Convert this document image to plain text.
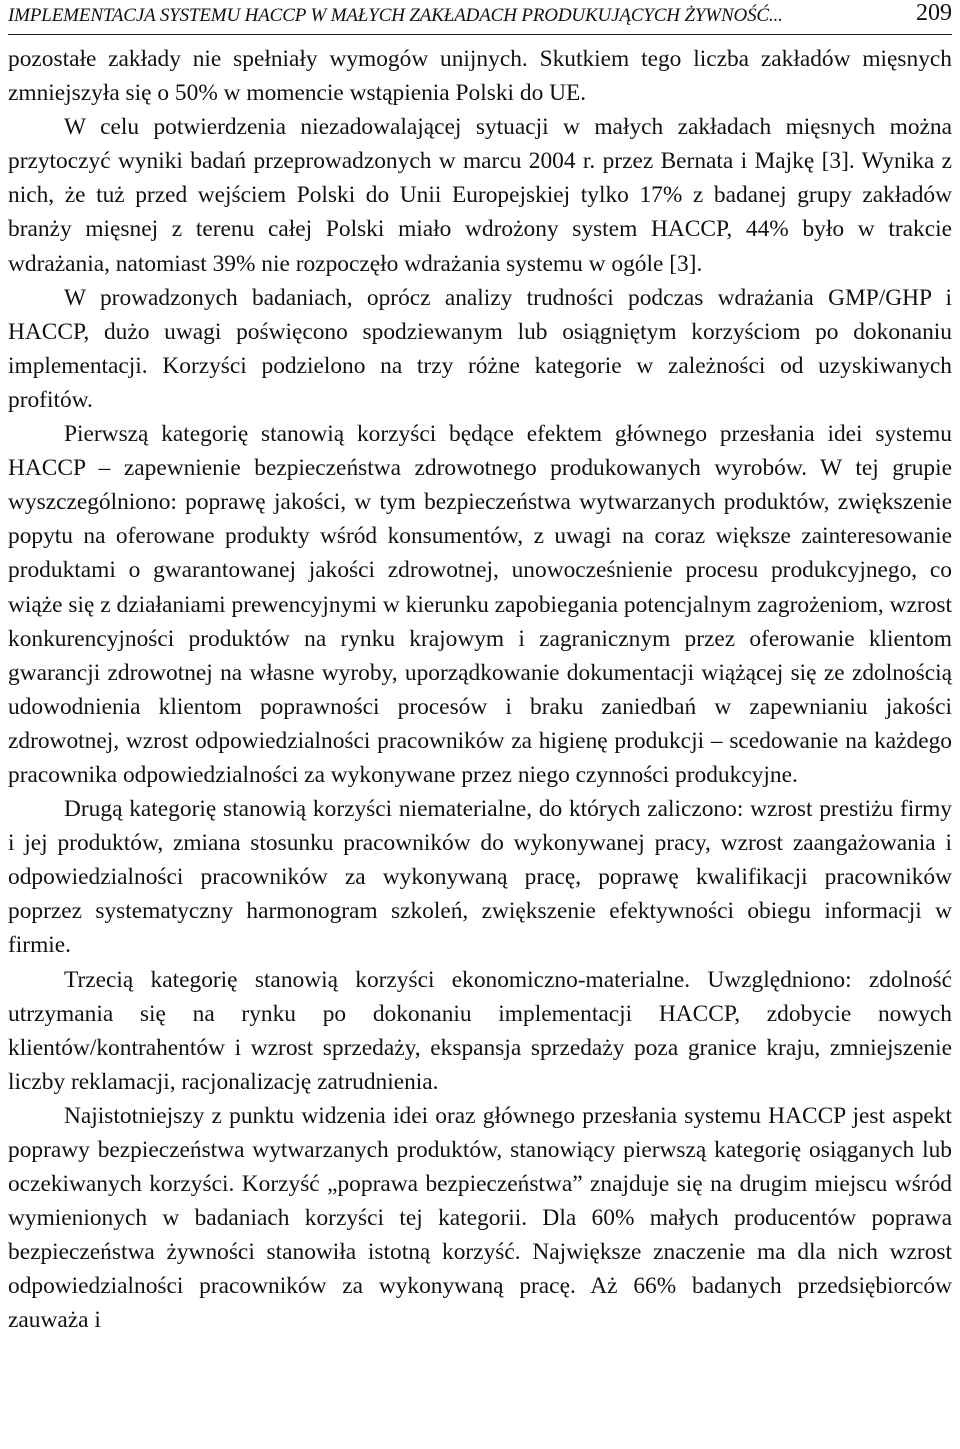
IMPLEMENTACJA SYSTEMU HACCP W MAŁYCH ZAKŁADACH PRODUKUJĄCYCH ŻYWNOŚĆ...	209

pozostałe zakłady nie spełniały wymogów unijnych. Skutkiem tego liczba zakładów mięsnych zmniejszyła się o 50% w momencie wstąpienia Polski do UE.

W celu potwierdzenia niezadowalającej sytuacji w małych zakładach mięsnych można przytoczyć wyniki badań przeprowadzonych w marcu 2004 r. przez Bernata i Majkę [3]. Wynika z nich, że tuż przed wejściem Polski do Unii Europejskiej tylko 17% z badanej grupy zakładów branży mięsnej z terenu całej Polski miało wdrożony system HACCP, 44% było w trakcie wdrażania, natomiast 39% nie rozpoczęło wdrażania systemu w ogóle [3].

W prowadzonych badaniach, oprócz analizy trudności podczas wdrażania GMP/GHP i HACCP, dużo uwagi poświęcono spodziewanym lub osiągniętym korzyściom po dokonaniu implementacji. Korzyści podzielono na trzy różne kategorie w zależności od uzyskiwanych profitów.

Pierwszą kategorię stanowią korzyści będące efektem głównego przesłania idei systemu HACCP – zapewnienie bezpieczeństwa zdrowotnego produkowanych wyrobów. W tej grupie wyszczególniono: poprawę jakości, w tym bezpieczeństwa wytwarzanych produktów, zwiększenie popytu na oferowane produkty wśród konsumentów, z uwagi na coraz większe zainteresowanie produktami o gwarantowanej jakości zdrowotnej, unowocześnienie procesu produkcyjnego, co wiąże się z działaniami prewencyjnymi w kierunku zapobiegania potencjalnym zagrożeniom, wzrost konkurencyjności produktów na rynku krajowym i zagranicznym przez oferowanie klientom gwarancji zdrowotnej na własne wyroby, uporządkowanie dokumentacji wiążącej się ze zdolnością udowodnienia klientom poprawności procesów i braku zaniedbań w zapewnianiu jakości zdrowotnej, wzrost odpowiedzialności pracowników za higienę produkcji – scedowanie na każdego pracownika odpowiedzialności za wykonywane przez niego czynności produkcyjne.

Drugą kategorię stanowią korzyści niematerialne, do których zaliczono: wzrost prestiżu firmy i jej produktów, zmiana stosunku pracowników do wykonywanej pracy, wzrost zaangażowania i odpowiedzialności pracowników za wykonywaną pracę, poprawę kwalifikacji pracowników poprzez systematyczny harmonogram szkoleń, zwiększenie efektywności obiegu informacji w firmie.

Trzecią kategorię stanowią korzyści ekonomiczno-materialne. Uwzględniono: zdolność utrzymania się na rynku po dokonaniu implementacji HACCP, zdobycie nowych klientów/kontrahentów i wzrost sprzedaży, ekspansja sprzedaży poza granice kraju, zmniejszenie liczby reklamacji, racjonalizację zatrudnienia.

Najistotniejszy z punktu widzenia idei oraz głównego przesłania systemu HACCP jest aspekt poprawy bezpieczeństwa wytwarzanych produktów, stanowiący pierwszą kategorię osiąganych lub oczekiwanych korzyści. Korzyść „poprawa bezpieczeństwa” znajduje się na drugim miejscu wśród wymienionych w badaniach korzyści tej kategorii. Dla 60% małych producentów poprawa bezpieczeństwa żywności stanowiła istotną korzyść. Największe znaczenie ma dla nich wzrost odpowiedzialności pracowników za wykonywaną pracę. Aż 66% badanych przedsiębiorców zauważa i
